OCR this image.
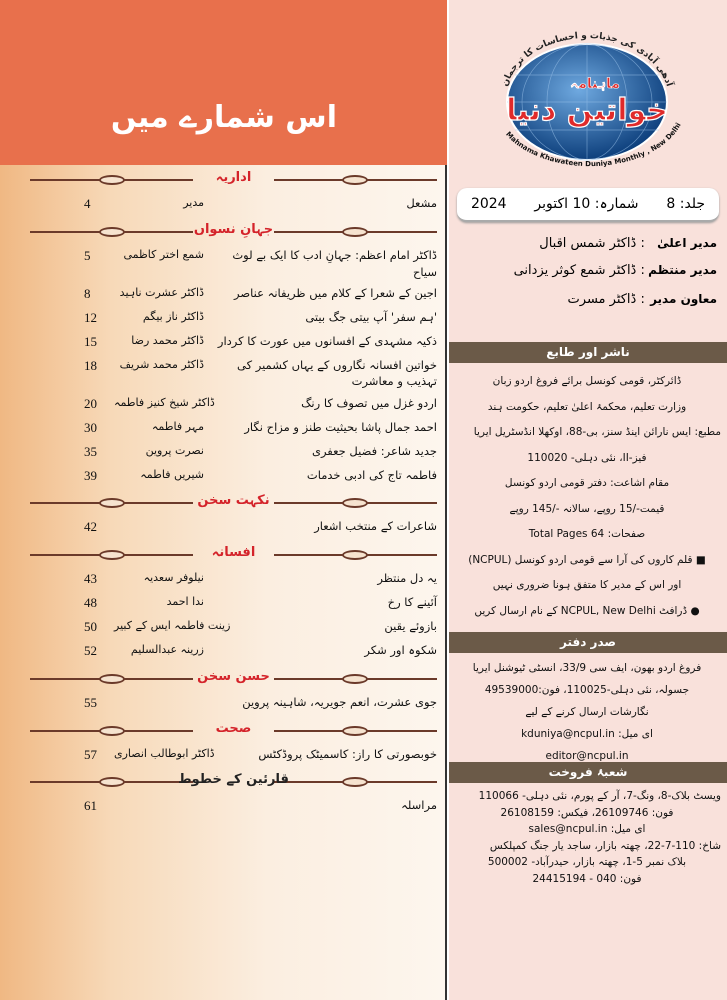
اس شمارے میں
اداریہ
مشعل
مدیر
4
جہانِ نسواں
ڈاکٹر امام اعظم: جہانِ ادب کا ایک بے لوث سیاح
شمع اختر کاظمی
5
اجین کے شعرا کے کلام میں ظریفانہ عناصر
ڈاکٹر عشرت ناہید
8
'ہم سفر' آپ بیتی جگ بیتی
ڈاکٹر ناز بیگم
12
ذکیہ مشہدی کے افسانوں میں عورت کا کردار
ڈاکٹر محمد رضا
15
خواتین افسانہ نگاروں کے یہاں کشمیر کی تہذیب و معاشرت
ڈاکٹر محمد شریف
18
اردو غزل میں تصوف کا رنگ
ڈاکٹر شیخ کنیز فاطمہ
20
احمد جمال پاشا بحیثیت طنز و مزاح نگار
مہر فاطمہ
30
جدید شاعر: فضیل جعفری
نصرت پروین
35
فاطمہ تاج کی ادبی خدمات
شیریں فاطمہ
39
نکہت سخن
شاعرات کے منتخب اشعار
42
افسانہ
یہ دل منتظر
نیلوفر سعدیہ
43
آئینے کا رخ
ندا احمد
48
بازوئے یقین
زینت فاطمہ ایس کے کبیر
50
شکوہ اور شکر
زرینہ عبدالسلیم
52
حسن سخن
جوی عشرت، انعم جویریہ، شاہینہ پروین
55
صحت
خوبصورتی کا راز: کاسمیٹک پروڈکٹس
ڈاکٹر ابوطالب انصاری
57
قارئین کے خطوط
مراسلہ
61
آدھی آبادی کی جذبات و احساسات کا ترجمان
ماہنامہ
خواتین دنیا
Mahnama Khawateen Duniya Monthly , New Delhi
جلد: 8
شمارہ: 10 اکتوبر
2024
مدیر اعلیٰ : ڈاکٹر شمس اقبال
مدیر منتظم : ڈاکٹر شمع کوثر یزدانی
معاون مدیر : ڈاکٹر مسرت
ناشر اور طابع
ڈائرکٹر، قومی کونسل برائے فروغ اردو زبان
وزارت تعلیم، محکمۂ اعلیٰ تعلیم، حکومت ہند
مطبع: ایس نارائن اینڈ سنز، بی-88، اوکھلا انڈسٹریل ایریا
فیز-II، نئی دہلی- 110020
مقام اشاعت: دفتر قومی اردو کونسل
قیمت-/15 روپے، سالانہ -/145 روپے
صفحات: 64 Total Pages
■ قلم کاروں کی آرا سے قومی اردو کونسل (NCPUL)
اور اس کے مدیر کا متفق ہونا ضروری نہیں
● ڈرافٹ NCPUL, New Delhi کے نام ارسال کریں
صدر دفتر
فروغ اردو بھون، ایف سی 33/9، انسٹی ٹیوشنل ایریا
جسولہ، نئی دہلی-110025، فون:49539000
نگارشات ارسال کرنے کے لیے
ای میل: kduniya@ncpul.in
editor@ncpul.in
شعبۂ فروخت
ویسٹ بلاک-8، ونگ-7، آر کے پورم، نئی دہلی- 110066
فون: 26109746، فیکس: 26108159
ای میل: sales@ncpul.in
شاخ: 110-7-22، چھتہ بازار، ساجد یار جنگ کمپلکس
بلاک نمبر 5-1، چھتہ بازار، حیدرآباد- 500002
فون: 040 - 24415194
